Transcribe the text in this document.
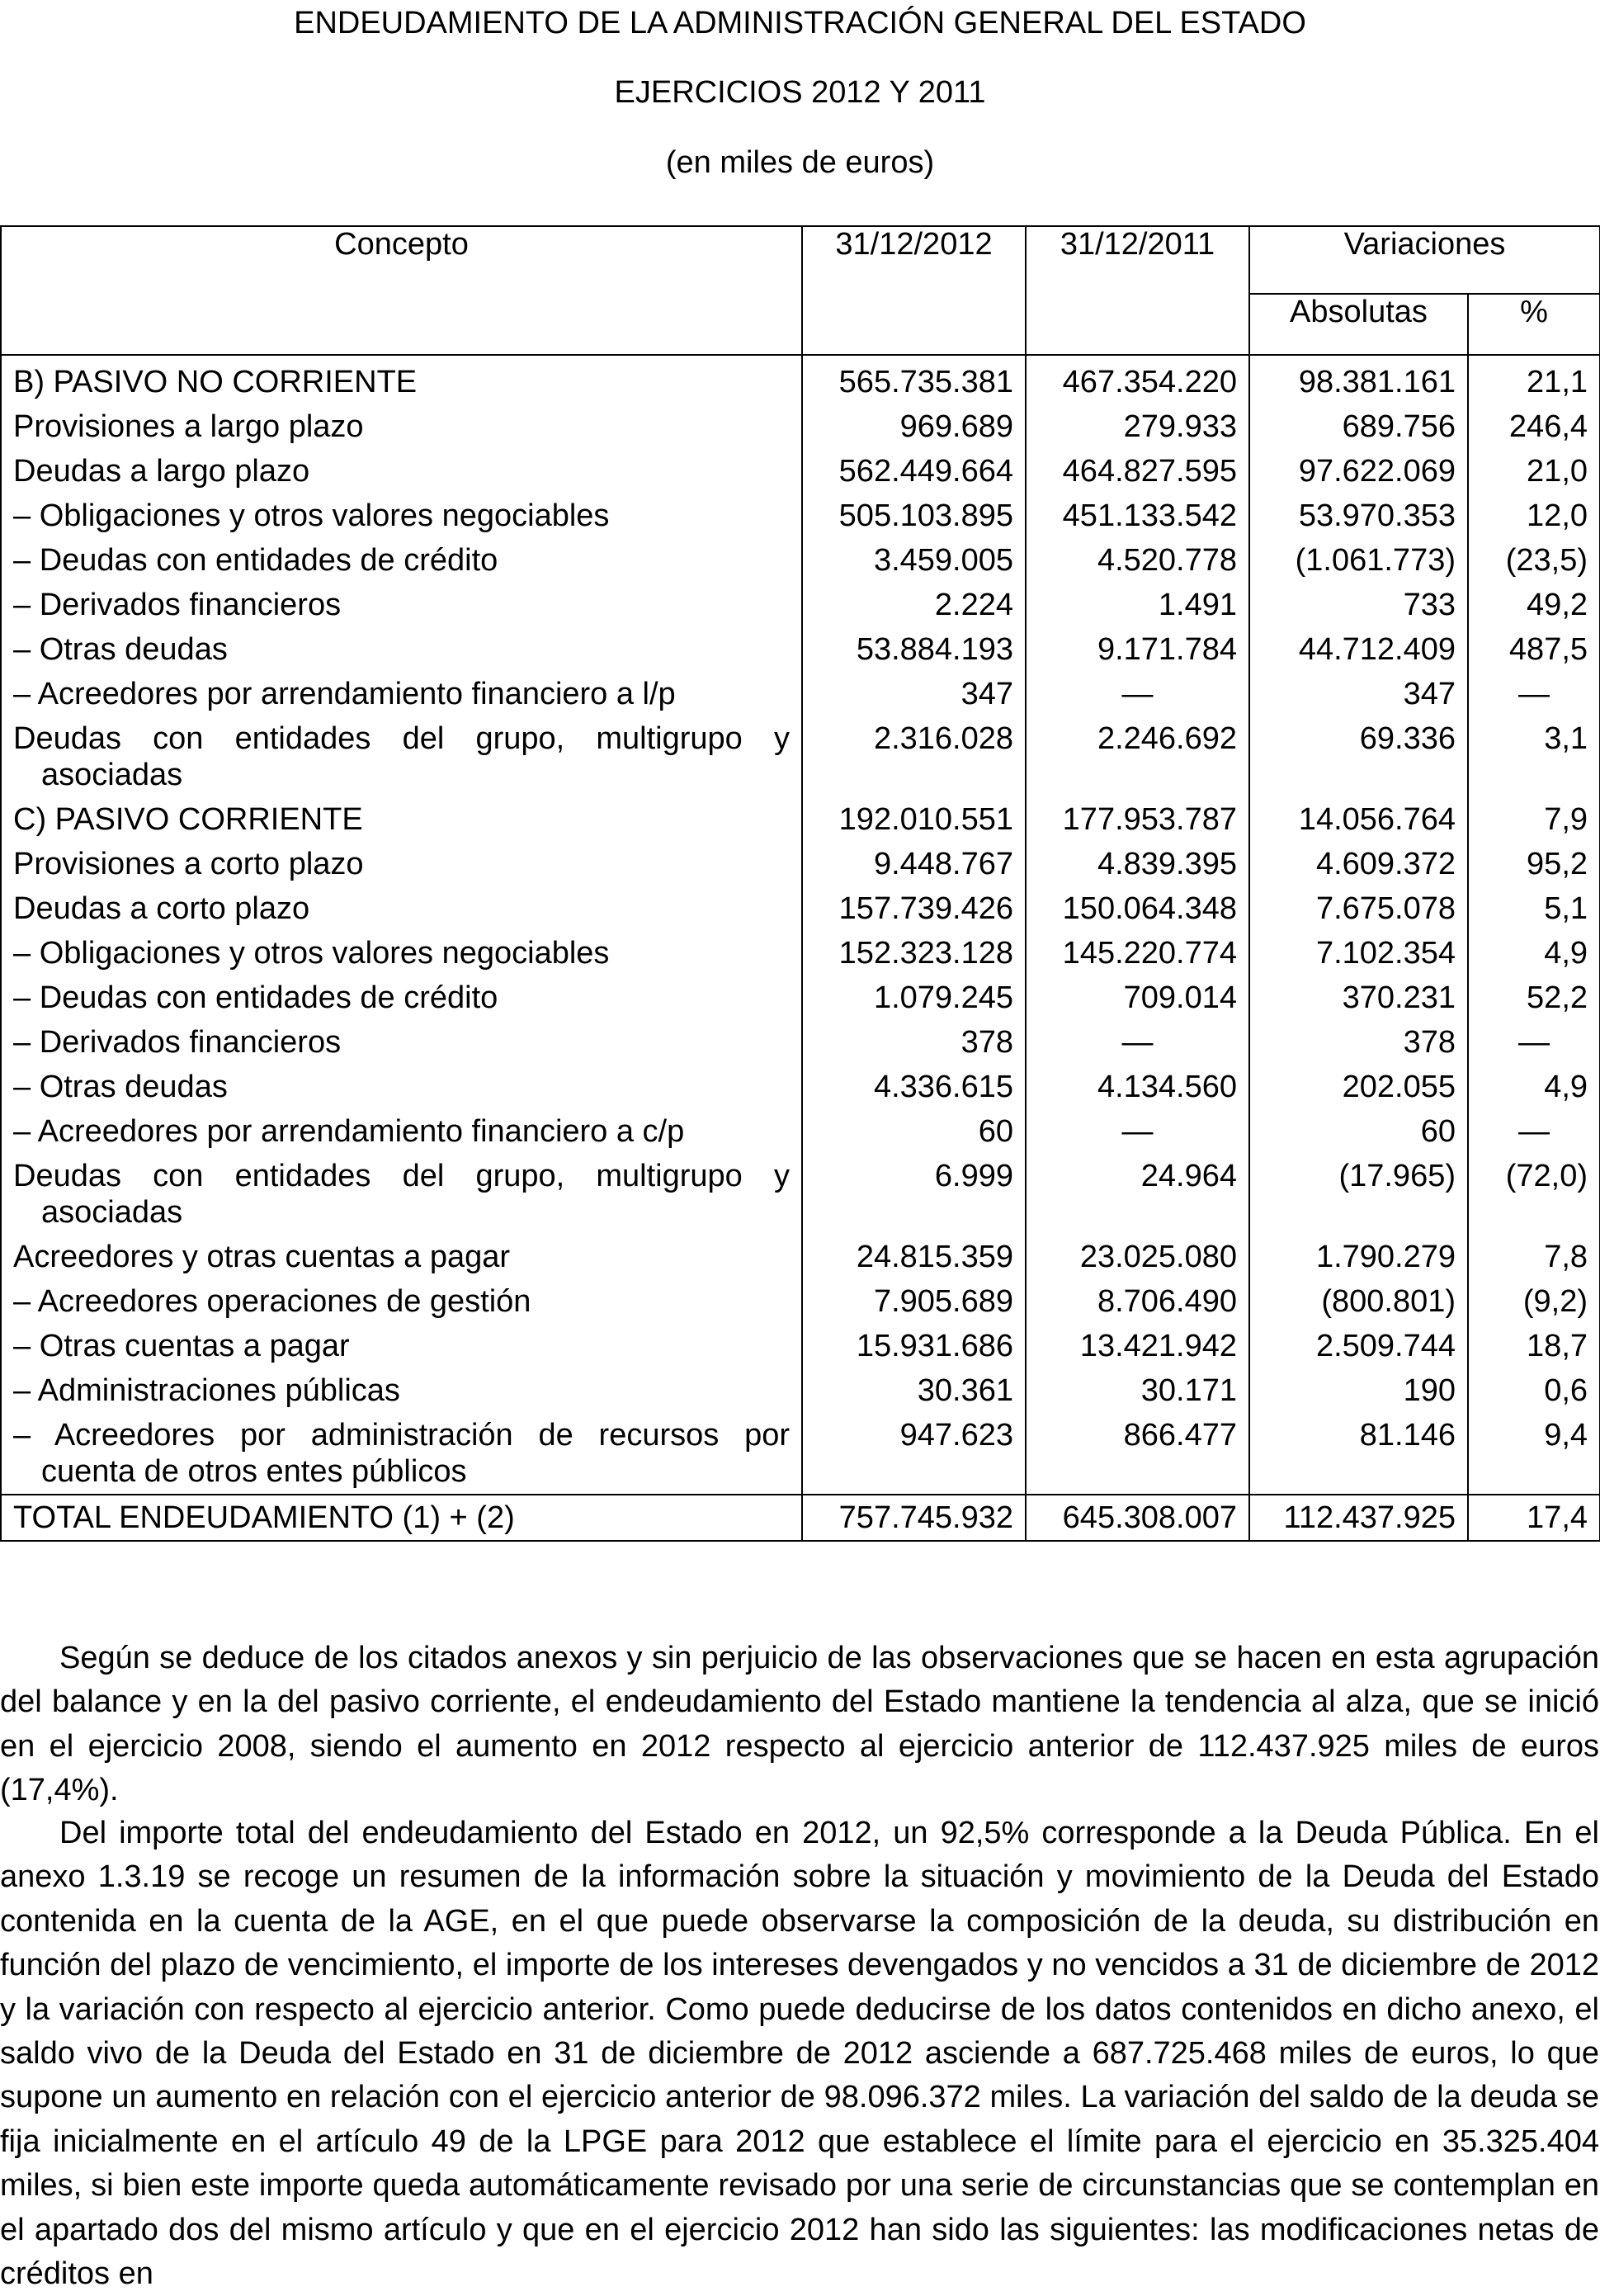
ENDEUDAMIENTO DE LA ADMINISTRACIÓN GENERAL DEL ESTADO
EJERCICIOS 2012 Y 2011
(en miles de euros)
Concepto	31/12/2012	31/12/2011	Variaciones	
			Absolutas	%
B) PASIVO NO CORRIENTE	565.735.381	467.354.220	98.381.161	21,1
Provisiones a largo plazo	969.689	279.933	689.756	246,4
Deudas a largo plazo	562.449.664	464.827.595	97.622.069	21,0
– Obligaciones y otros valores negociables	505.103.895	451.133.542	53.970.353	12,0
– Deudas con entidades de crédito	3.459.005	4.520.778	(1.061.773)	(23,5)
– Derivados financieros	2.224	1.491	733	49,2
– Otras deudas	53.884.193	9.171.784	44.712.409	487,5
– Acreedores por arrendamiento financiero a l/p	347	—	347	—
Deudas con entidades del grupo, multigrupo y asociadas	2.316.028	2.246.692	69.336	3,1
C) PASIVO CORRIENTE	192.010.551	177.953.787	14.056.764	7,9
Provisiones a corto plazo	9.448.767	4.839.395	4.609.372	95,2
Deudas a corto plazo	157.739.426	150.064.348	7.675.078	5,1
– Obligaciones y otros valores negociables	152.323.128	145.220.774	7.102.354	4,9
– Deudas con entidades de crédito	1.079.245	709.014	370.231	52,2
– Derivados financieros	378	—	378	—
– Otras deudas	4.336.615	4.134.560	202.055	4,9
– Acreedores por arrendamiento financiero a c/p	60	—	60	—
Deudas con entidades del grupo, multigrupo y asociadas	6.999	24.964	(17.965)	(72,0)
Acreedores y otras cuentas a pagar	24.815.359	23.025.080	1.790.279	7,8
– Acreedores operaciones de gestión	7.905.689	8.706.490	(800.801)	(9,2)
– Otras cuentas a pagar	15.931.686	13.421.942	2.509.744	18,7
– Administraciones públicas	30.361	30.171	190	0,6
– Acreedores por administración de recursos por cuenta de otros entes públicos	947.623	866.477	81.146	9,4
TOTAL ENDEUDAMIENTO (1) + (2)	757.745.932	645.308.007	112.437.925	17,4

Según se deduce de los citados anexos y sin perjuicio de las observaciones que se hacen en esta agrupación del balance y en la del pasivo corriente, el endeudamiento del Estado mantiene la tendencia al alza, que se inició en el ejercicio 2008, siendo el aumento en 2012 respecto al ejercicio anterior de 112.437.925 miles de euros (17,4%).

Del importe total del endeudamiento del Estado en 2012, un 92,5% corresponde a la Deuda Pública. En el anexo 1.3.19 se recoge un resumen de la información sobre la situación y movimiento de la Deuda del Estado contenida en la cuenta de la AGE, en el que puede observarse la composición de la deuda, su distribución en función del plazo de vencimiento, el importe de los intereses devengados y no vencidos a 31 de diciembre de 2012 y la variación con respecto al ejercicio anterior. Como puede deducirse de los datos contenidos en dicho anexo, el saldo vivo de la Deuda del Estado en 31 de diciembre de 2012 asciende a 687.725.468 miles de euros, lo que supone un aumento en relación con el ejercicio anterior de 98.096.372 miles. La variación del saldo de la deuda se fija inicialmente en el artículo 49 de la LPGE para 2012 que establece el límite para el ejercicio en 35.325.404 miles, si bien este importe queda automáticamente revisado por una serie de circunstancias que se contemplan en el apartado dos del mismo artículo y que en el ejercicio 2012 han sido las siguientes: las modificaciones netas de créditos en
